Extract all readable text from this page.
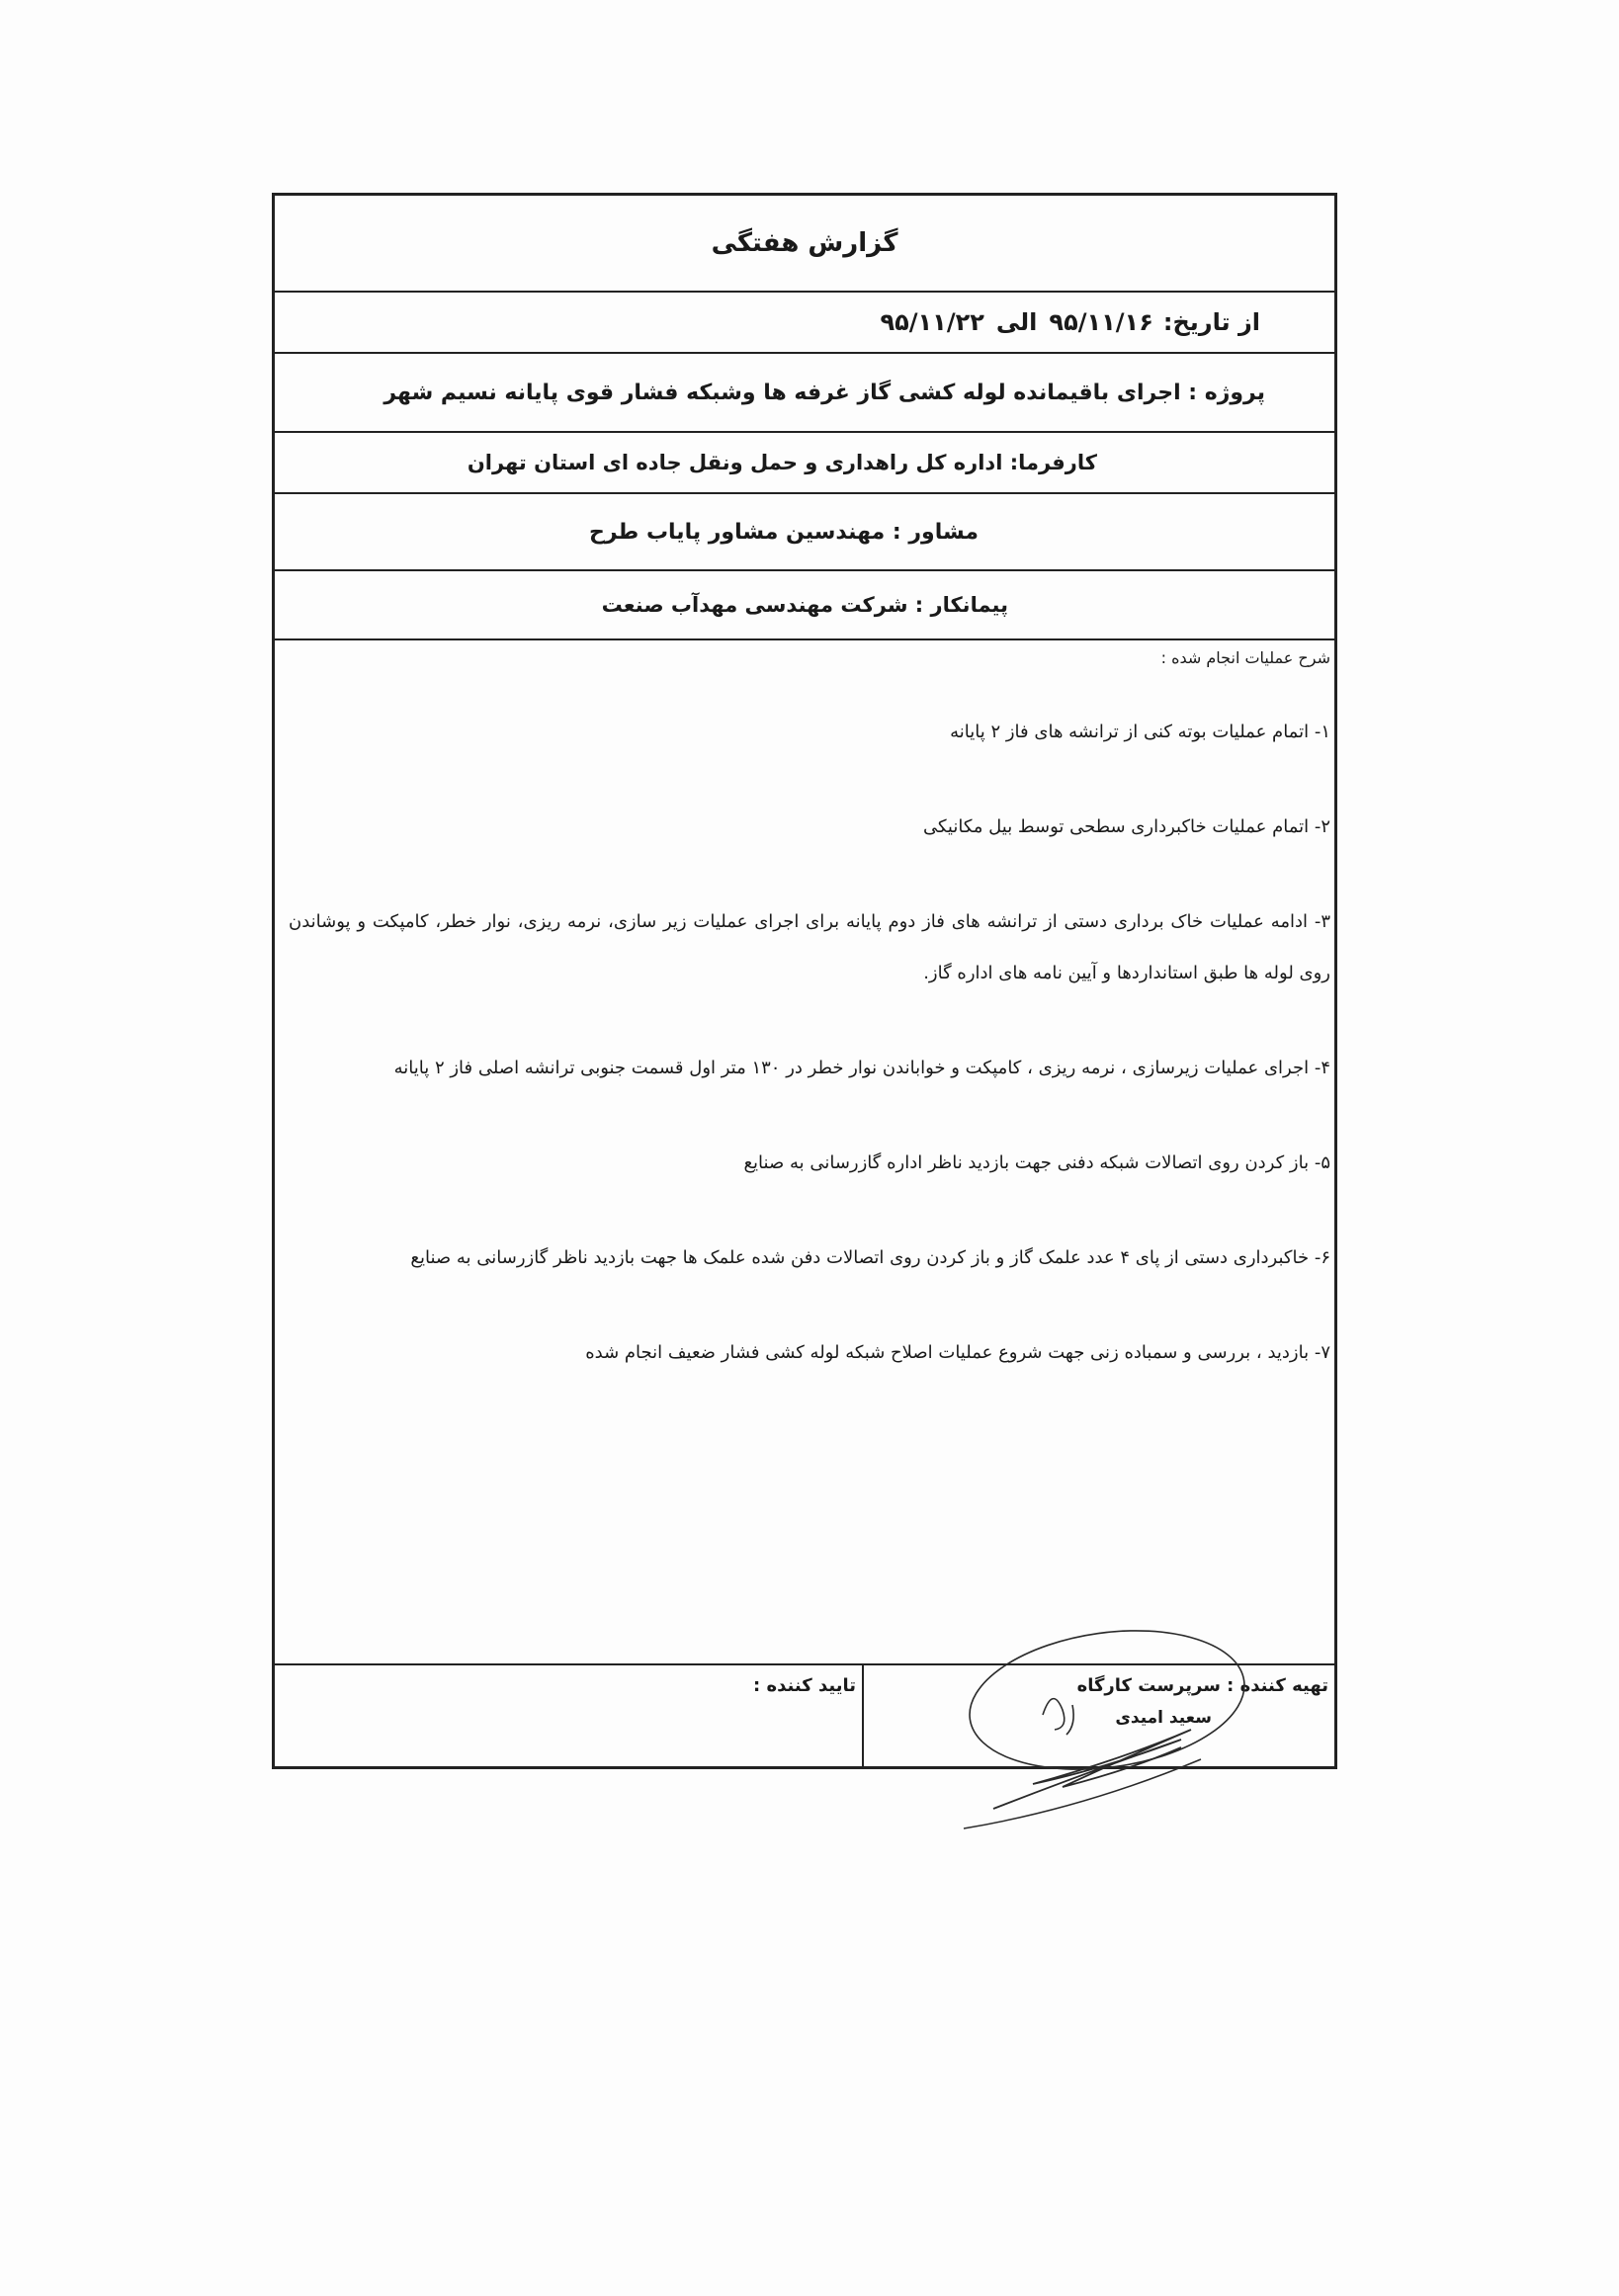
گزارش هفتگی
از تاریخ:
۹۵/۱۱/۱۶
الی
۹۵/۱۱/۲۲
پروژه : اجرای باقیمانده لوله کشی گاز غرفه ها وشبکه فشار قوی پایانه نسیم شهر
کارفرما: اداره کل راهداری و حمل ونقل جاده ای استان تهران
مشاور : مهندسین مشاور پایاب طرح
پیمانکار : شرکت مهندسی مهدآب صنعت
شرح عملیات انجام شده :
۱- اتمام عملیات بوته کنی از ترانشه های فاز ۲ پایانه
۲- اتمام عملیات خاکبرداری سطحی توسط بیل مکانیکی
۳- ادامه عملیات خاک برداری دستی از ترانشه های فاز دوم پایانه برای اجرای عملیات زیر سازی، نرمه ریزی، نوار خطر، کامپکت و پوشاندن روی لوله ها طبق استانداردها و آیین نامه های اداره گاز.
۴- اجرای عملیات زیرسازی ، نرمه ریزی ، کامپکت و خواباندن نوار خطر در ۱۳۰ متر اول قسمت جنوبی ترانشه اصلی فاز ۲ پایانه
۵- باز کردن روی اتصالات شبکه دفنی جهت بازدید ناظر اداره گازرسانی به صنایع
۶- خاکبرداری دستی از پای ۴ عدد علمک گاز و باز کردن روی اتصالات دفن شده علمک ها جهت بازدید ناظر گازرسانی به صنایع
۷- بازدید ، بررسی و سمباده زنی جهت شروع عملیات اصلاح شبکه لوله کشی فشار ضعیف انجام شده
تهیه کننده : سرپرست کارگاه
سعید امیدی
تایید کننده :
